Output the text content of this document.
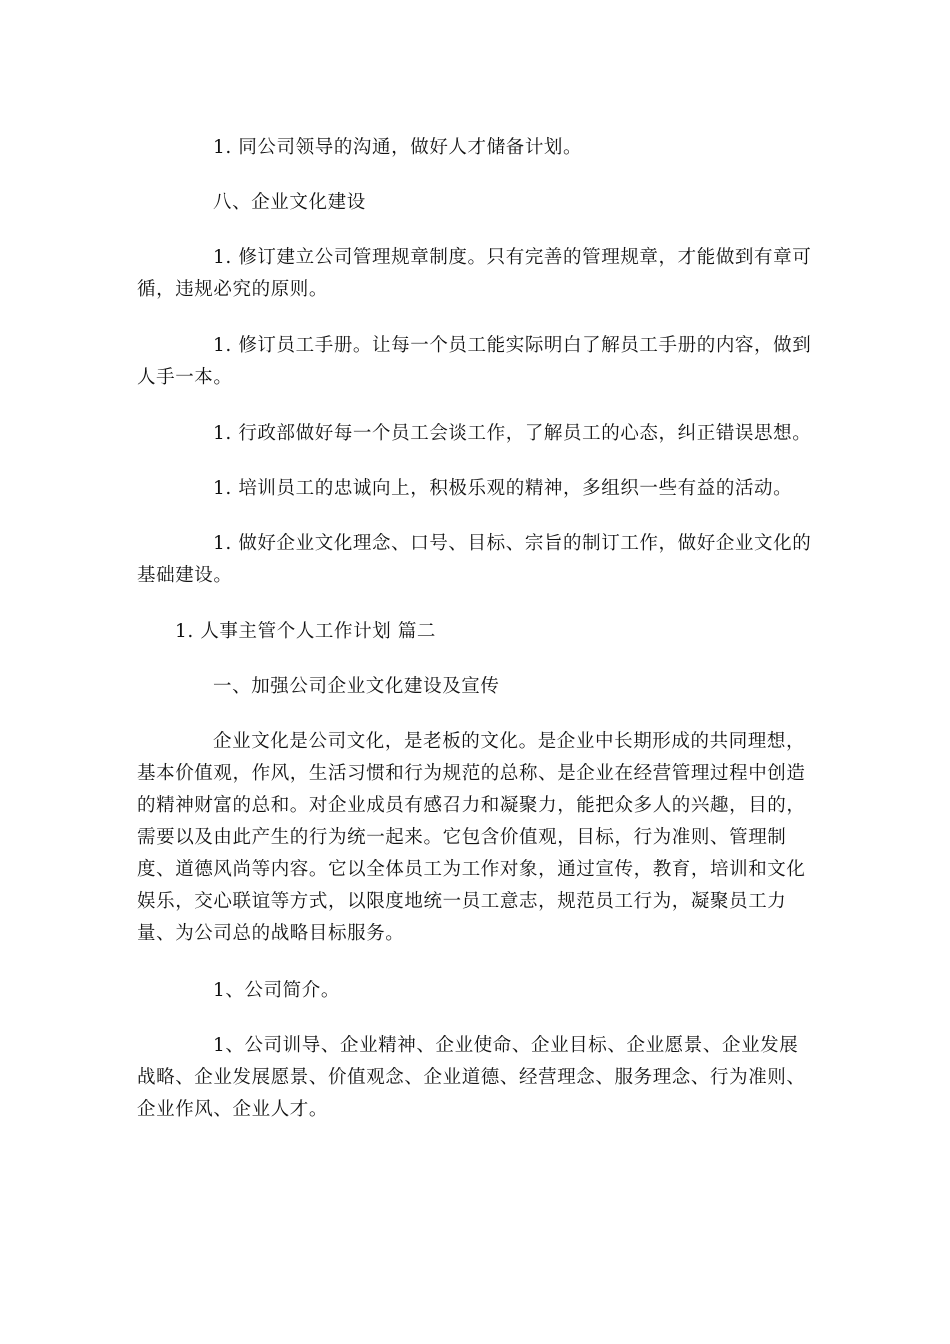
1. 同公司领导的沟通，做好人才储备计划。

八、企业文化建设

1. 修订建立公司管理规章制度。只有完善的管理规章，才能做到有章可循，违规必究的原则。

1. 修订员工手册。让每一个员工能实际明白了解员工手册的内容，做到人手一本。

1. 行政部做好每一个员工会谈工作，了解员工的心态，纠正错误思想。

1. 培训员工的忠诚向上，积极乐观的精神，多组织一些有益的活动。

1. 做好企业文化理念、口号、目标、宗旨的制订工作，做好企业文化的基础建设。

1. 人事主管个人工作计划 篇二

一、加强公司企业文化建设及宣传

企业文化是公司文化，是老板的文化。是企业中长期形成的共同理想，基本价值观，作风，生活习惯和行为规范的总称、是企业在经营管理过程中创造的精神财富的总和。对企业成员有感召力和凝聚力，能把众多人的兴趣，目的，需要以及由此产生的行为统一起来。它包含价值观，目标，行为准则、管理制度、道德风尚等内容。它以全体员工为工作对象，通过宣传，教育，培训和文化娱乐，交心联谊等方式，以限度地统一员工意志，规范员工行为，凝聚员工力量、为公司总的战略目标服务。

1、公司简介。

1、公司训导、企业精神、企业使命、企业目标、企业愿景、企业发展战略、企业发展愿景、价值观念、企业道德、经营理念、服务理念、行为准则、企业作风、企业人才。
